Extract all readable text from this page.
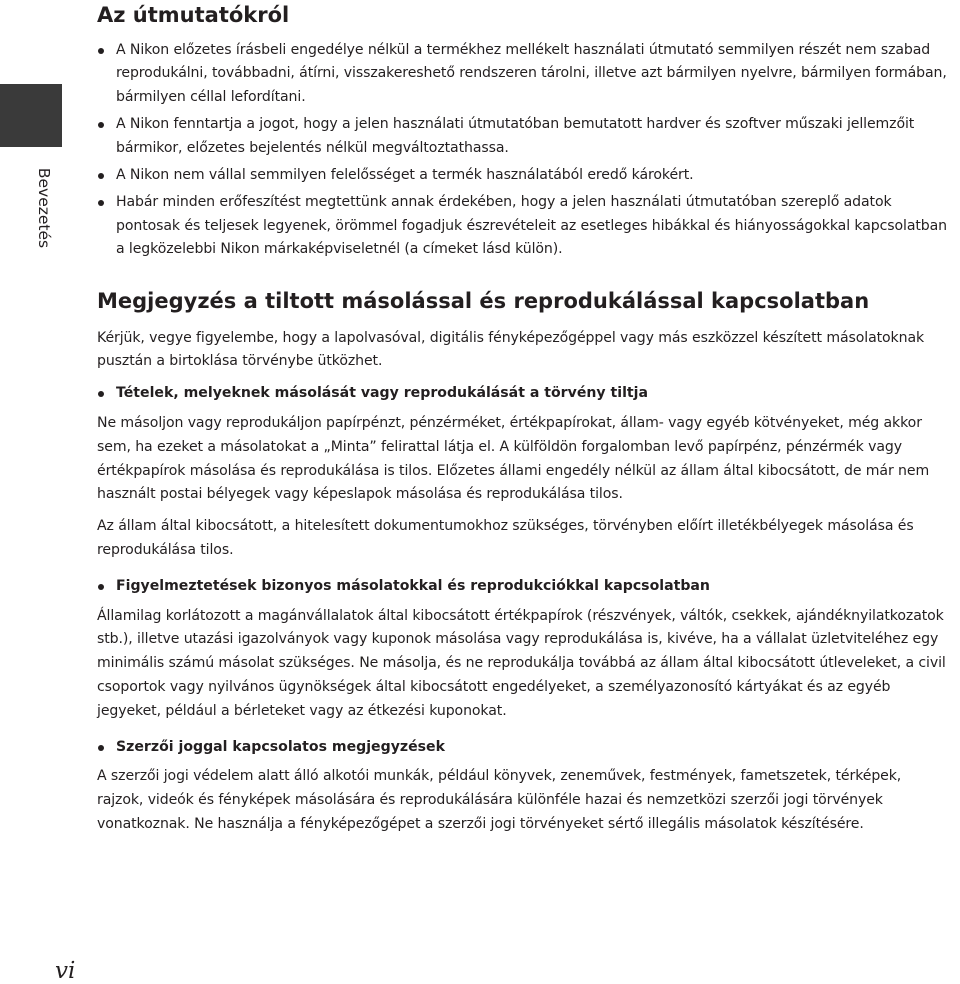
Bevezetés
Az útmutatókról
A Nikon előzetes írásbeli engedélye nélkül a termékhez mellékelt használati útmutató semmilyen részét nem szabad reprodukálni, továbbadni, átírni, visszakereshető rendszeren tárolni, illetve azt bármilyen nyelvre, bármilyen formában, bármilyen céllal lefordítani.
A Nikon fenntartja a jogot, hogy a jelen használati útmutatóban bemutatott hardver és szoftver műszaki jellemzőit bármikor, előzetes bejelentés nélkül megváltoztathassa.
A Nikon nem vállal semmilyen felelősséget a termék használatából eredő károkért.
Habár minden erőfeszítést megtettünk annak érdekében, hogy a jelen használati útmutatóban szereplő adatok pontosak és teljesek legyenek, örömmel fogadjuk észrevételeit az esetleges hibákkal és hiányosságokkal kapcsolatban a legközelebbi Nikon márkaképviseletnél (a címeket lásd külön).
Megjegyzés a tiltott másolással és reprodukálással kapcsolatban

Kérjük, vegye figyelembe, hogy a lapolvasóval, digitális fényképezőgéppel vagy más eszközzel készített másolatoknak pusztán a birtoklása törvénybe ütközhet.

Tételek, melyeknek másolását vagy reprodukálását a törvény tiltja

Ne másoljon vagy reprodukáljon papírpénzt, pénzérméket, értékpapírokat, állam- vagy egyéb kötvényeket, még akkor sem, ha ezeket a másolatokat a „Minta” felirattal látja el. A külföldön forgalomban levő papírpénz, pénzérmék vagy értékpapírok másolása és reprodukálása is tilos. Előzetes állami engedély nélkül az állam által kibocsátott, de már nem használt postai bélyegek vagy képeslapok másolása és reprodukálása tilos.

Az állam által kibocsátott, a hitelesített dokumentumokhoz szükséges, törvényben előírt illetékbélyegek másolása és reprodukálása tilos.

Figyelmeztetések bizonyos másolatokkal és reprodukciókkal kapcsolatban

Államilag korlátozott a magánvállalatok által kibocsátott értékpapírok (részvények, váltók, csekkek, ajándéknyilatkozatok stb.), illetve utazási igazolványok vagy kuponok másolása vagy reprodukálása is, kivéve, ha a vállalat üzletviteléhez egy minimális számú másolat szükséges. Ne másolja, és ne reprodukálja továbbá az állam által kibocsátott útleveleket, a civil csoportok vagy nyilvános ügynökségek által kibocsátott engedélyeket, a személyazonosító kártyákat és az egyéb jegyeket, például a bérleteket vagy az étkezési kuponokat.

Szerzői joggal kapcsolatos megjegyzések

A szerzői jogi védelem alatt álló alkotói munkák, például könyvek, zeneművek, festmények, fametszetek, térképek, rajzok, videók és fényképek másolására és reprodukálására különféle hazai és nemzetközi szerzői jogi törvények vonatkoznak. Ne használja a fényképezőgépet a szerzői jogi törvényeket sértő illegális másolatok készítésére.

vi
